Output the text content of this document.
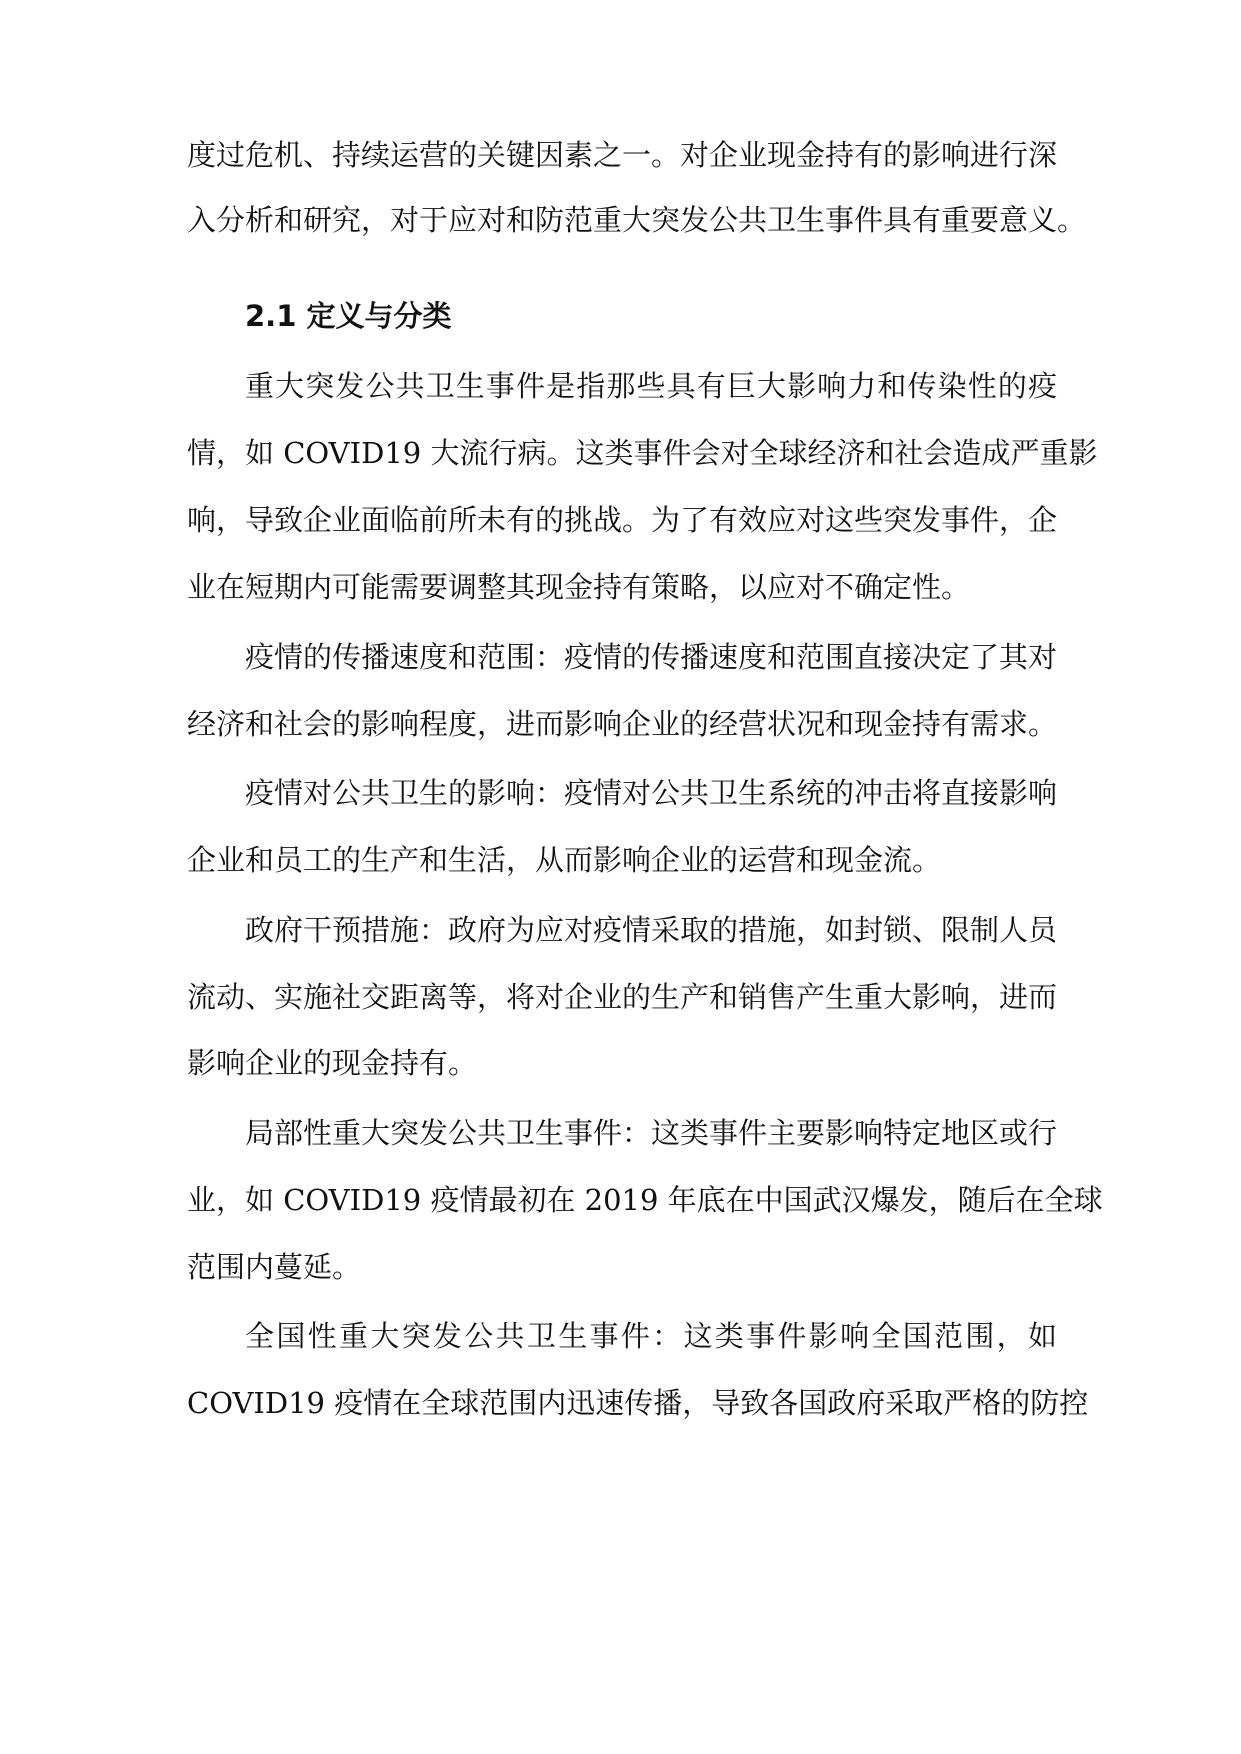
度过危机、持续运营的关键因素之一。对企业现金持有的影响进行深

入分析和研究，对于应对和防范重大突发公共卫生事件具有重要意义。

2.1 定义与分类

重大突发公共卫生事件是指那些具有巨大影响力和传染性的疫

情，如 COVID19 大流行病。这类事件会对全球经济和社会造成严重影

响，导致企业面临前所未有的挑战。为了有效应对这些突发事件，企

业在短期内可能需要调整其现金持有策略，以应对不确定性。

疫情的传播速度和范围：疫情的传播速度和范围直接决定了其对

经济和社会的影响程度，进而影响企业的经营状况和现金持有需求。

疫情对公共卫生的影响：疫情对公共卫生系统的冲击将直接影响

企业和员工的生产和生活，从而影响企业的运营和现金流。

政府干预措施：政府为应对疫情采取的措施，如封锁、限制人员

流动、实施社交距离等，将对企业的生产和销售产生重大影响，进而

影响企业的现金持有。

局部性重大突发公共卫生事件：这类事件主要影响特定地区或行

业，如 COVID19 疫情最初在 2019 年底在中国武汉爆发，随后在全球

范围内蔓延。

全国性重大突发公共卫生事件：这类事件影响全国范围，如

COVID19 疫情在全球范围内迅速传播，导致各国政府采取严格的防控
